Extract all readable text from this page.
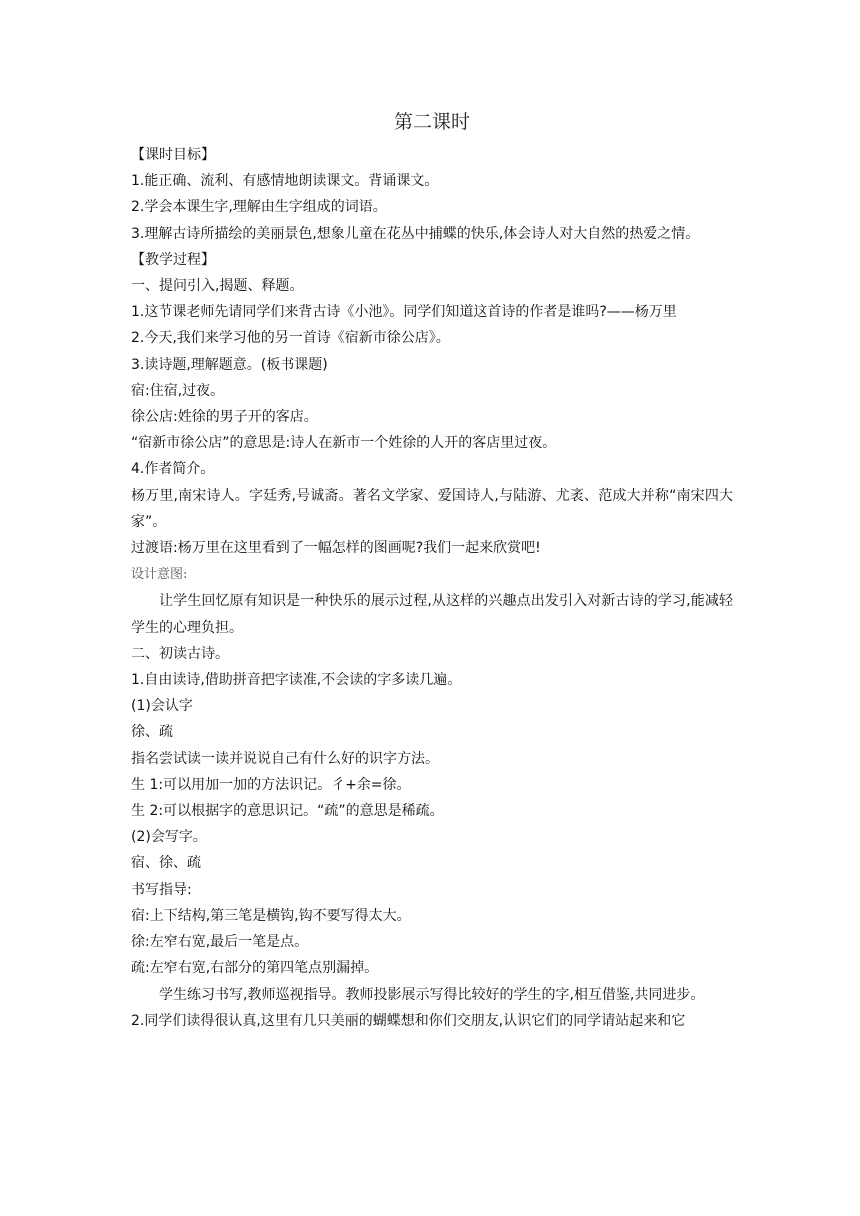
第二课时

【课时目标】

1.能正确、流利、有感情地朗读课文。背诵课文。

2.学会本课生字,理解由生字组成的词语。

3.理解古诗所描绘的美丽景色,想象儿童在花丛中捕蝶的快乐,体会诗人对大自然的热爱之情。

【教学过程】

一、提问引入,揭题、释题。

1.这节课老师先请同学们来背古诗《小池》。同学们知道这首诗的作者是谁吗?——杨万里

2.今天,我们来学习他的另一首诗《宿新市徐公店》。

3.读诗题,理解题意。(板书课题)

宿:住宿,过夜。

徐公店:姓徐的男子开的客店。

“宿新市徐公店”的意思是:诗人在新市一个姓徐的人开的客店里过夜。

4.作者简介。

杨万里,南宋诗人。字廷秀,号诚斋。著名文学家、爱国诗人,与陆游、尤袤、范成大并称“南宋四大家”。

过渡语:杨万里在这里看到了一幅怎样的图画呢?我们一起来欣赏吧!

设计意图:

让学生回忆原有知识是一种快乐的展示过程,从这样的兴趣点出发引入对新古诗的学习,能减轻学生的心理负担。

二、初读古诗。

1.自由读诗,借助拼音把字读准,不会读的字多读几遍。

(1)会认字

徐、疏

指名尝试读一读并说说自己有什么好的识字方法。

生 1:可以用加一加的方法识记。彳+余=徐。

生 2:可以根据字的意思识记。“疏”的意思是稀疏。

(2)会写字。

宿、徐、疏

书写指导:

宿:上下结构,第三笔是横钩,钩不要写得太大。

徐:左窄右宽,最后一笔是点。

疏:左窄右宽,右部分的第四笔点别漏掉。

学生练习书写,教师巡视指导。教师投影展示写得比较好的学生的字,相互借鉴,共同进步。

2.同学们读得很认真,这里有几只美丽的蝴蝶想和你们交朋友,认识它们的同学请站起来和它
